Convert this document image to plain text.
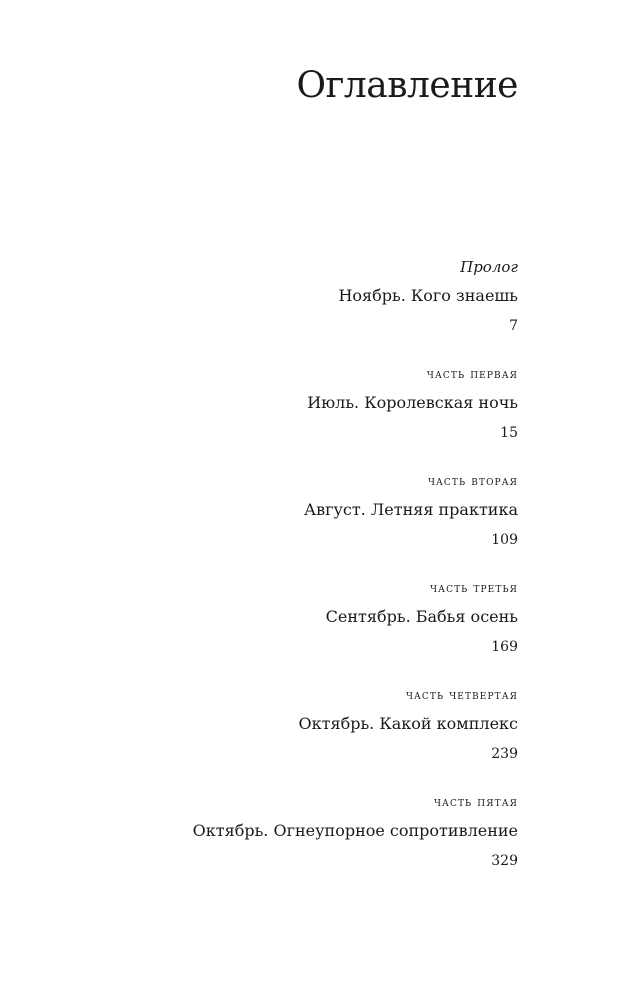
Оглавление
Пролог
Ноябрь. Кого знаешь
7
часть первая
Июль. Королевская ночь
15
часть вторая
Август. Летняя практика
109
часть третья
Сентябрь. Бабья осень
169
часть четвертая
Октябрь. Какой комплекс
239
часть пятая
Октябрь. Огнеупорное сопротивление
329
